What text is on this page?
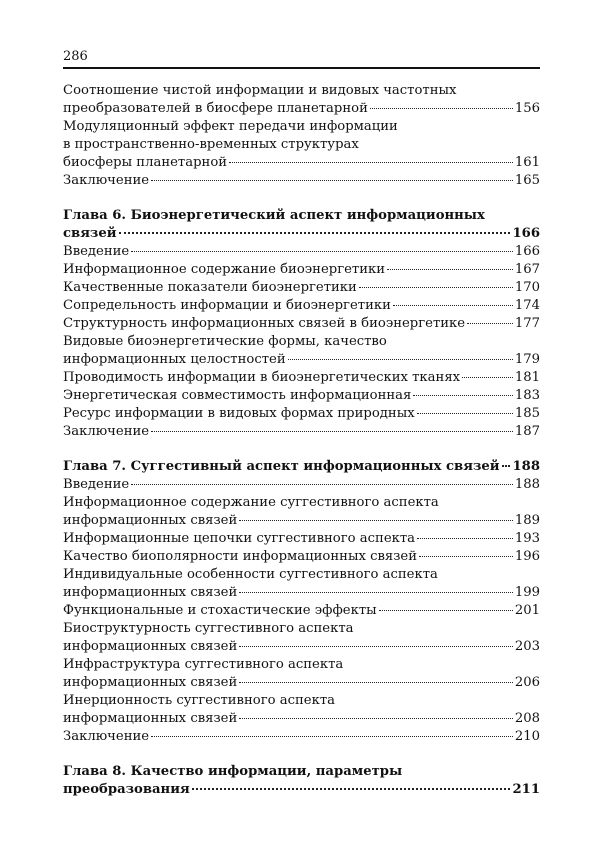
286
Соотношение чистой информации и видовых частотных
преобразователей в биосфере планетарной	156
Модуляционный эффект передачи информации
в пространственно-временных структурах
биосферы планетарной	161
Заключение	165
Глава 6. Биоэнергетический аспект информационных
связей	166
Введение	166
Информационное содержание биоэнергетики	167
Качественные показатели биоэнергетики	170
Сопредельность информации и биоэнергетики	174
Структурность информационных связей в биоэнергетике	177
Видовые биоэнергетические формы, качество
информационных целостностей	179
Проводимость информации в биоэнергетических тканях	181
Энергетическая совместимость информационная	183
Ресурс информации в видовых формах природных	185
Заключение	187
Глава 7. Суггестивный аспект информационных связей 188
Введение	188
Информационное содержание суггестивного аспекта
информационных связей	189
Информационные цепочки суггестивного аспекта	193
Качество биополярности информационных связей	196
Индивидуальные особенности суггестивного аспекта
информационных связей	199
Функциональные и стохастические эффекты	201
Биоструктурность суггестивного аспекта
информационных связей	203
Инфраструктура суггестивного аспекта
информационных связей	206
Инерционность суггестивного аспекта
информационных связей	208
Заключение	210
Глава 8. Качество информации, параметры
преобразования	211
